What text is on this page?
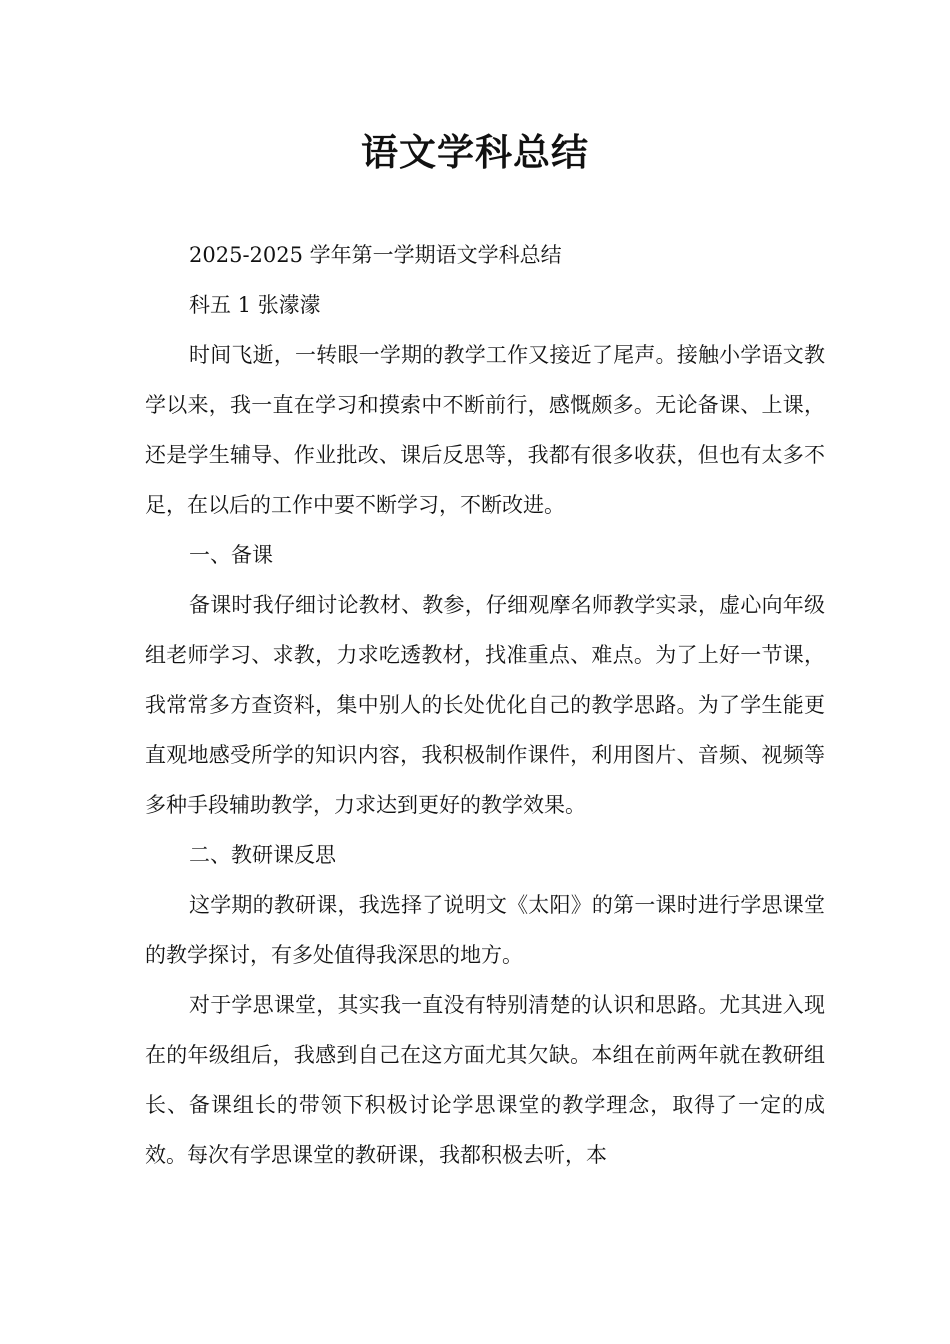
语文学科总结

2025-2025 学年第一学期语文学科总结

科五 1 张濛濛

时间飞逝，一转眼一学期的教学工作又接近了尾声。接触小学语文教学以来，我一直在学习和摸索中不断前行，感慨颇多。无论备课、上课，还是学生辅导、作业批改、课后反思等，我都有很多收获，但也有太多不足，在以后的工作中要不断学习，不断改进。

一、备课

备课时我仔细讨论教材、教参，仔细观摩名师教学实录，虚心向年级组老师学习、求教，力求吃透教材，找准重点、难点。为了上好一节课，我常常多方查资料，集中别人的长处优化自己的教学思路。为了学生能更直观地感受所学的知识内容，我积极制作课件，利用图片、音频、视频等多种手段辅助教学，力求达到更好的教学效果。

二、教研课反思

这学期的教研课，我选择了说明文《太阳》的第一课时进行学思课堂的教学探讨，有多处值得我深思的地方。

对于学思课堂，其实我一直没有特别清楚的认识和思路。尤其进入现在的年级组后，我感到自己在这方面尤其欠缺。本组在前两年就在教研组长、备课组长的带领下积极讨论学思课堂的教学理念，取得了一定的成效。每次有学思课堂的教研课，我都积极去听，本
